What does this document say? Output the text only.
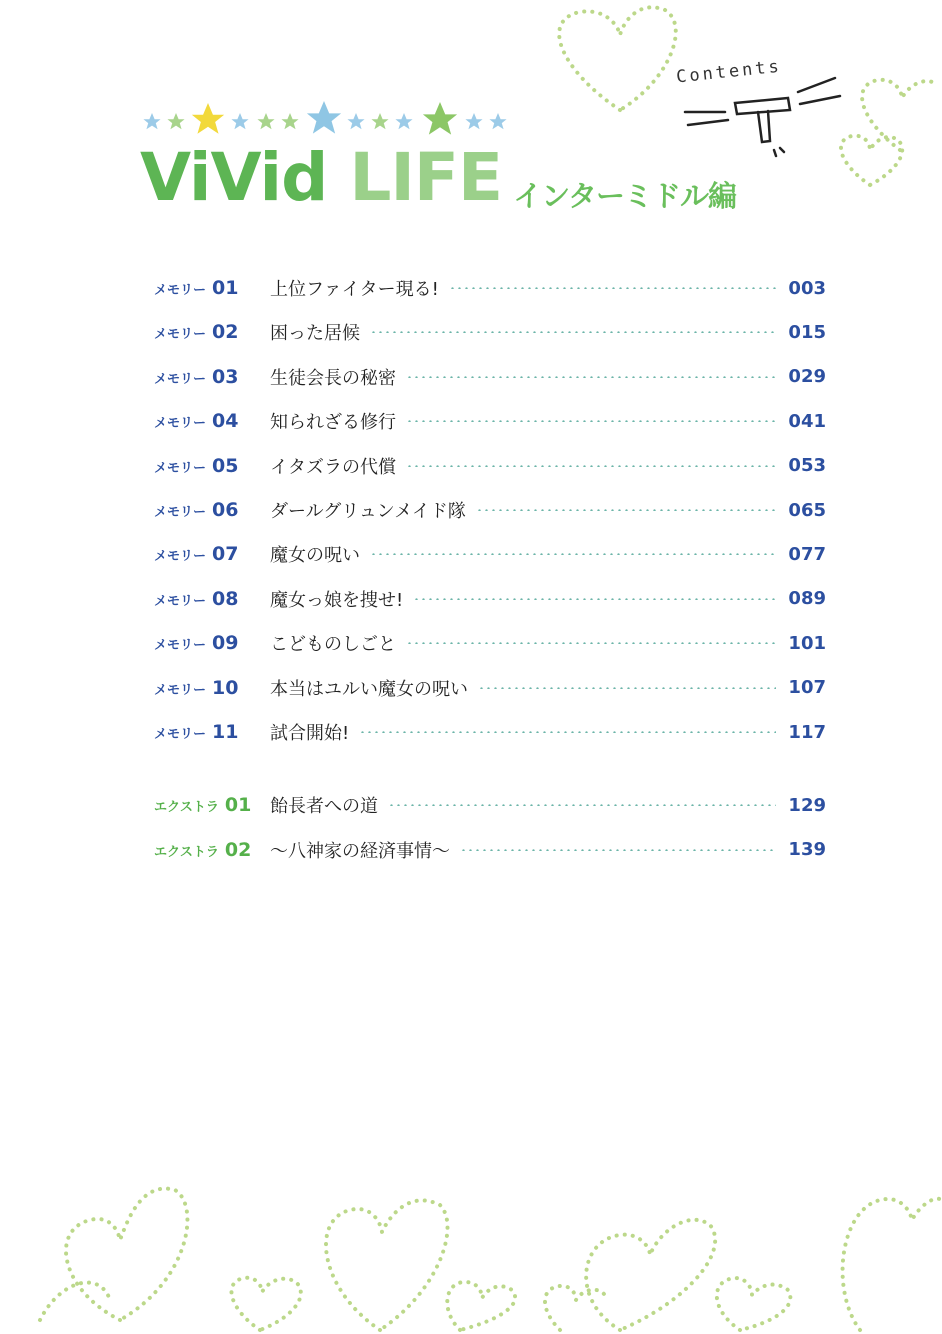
Contents
ViVid LIFE インターミドル編
メモリー 01 上位ファイター現る!	003
メモリー 02 困った居候	015
メモリー 03 生徒会長の秘密	029
メモリー 04 知られざる修行	041
メモリー 05 イタズラの代償	053
メモリー 06 ダールグリュンメイド隊	065
メモリー 07 魔女の呪い	077
メモリー 08 魔女っ娘を捜せ!	089
メモリー 09 こどものしごと	101
メモリー 10 本当はユルい魔女の呪い	107
メモリー 11 試合開始!	117
エクストラ 01 飴長者への道	129
エクストラ 02 〜八神家の経済事情〜	139
